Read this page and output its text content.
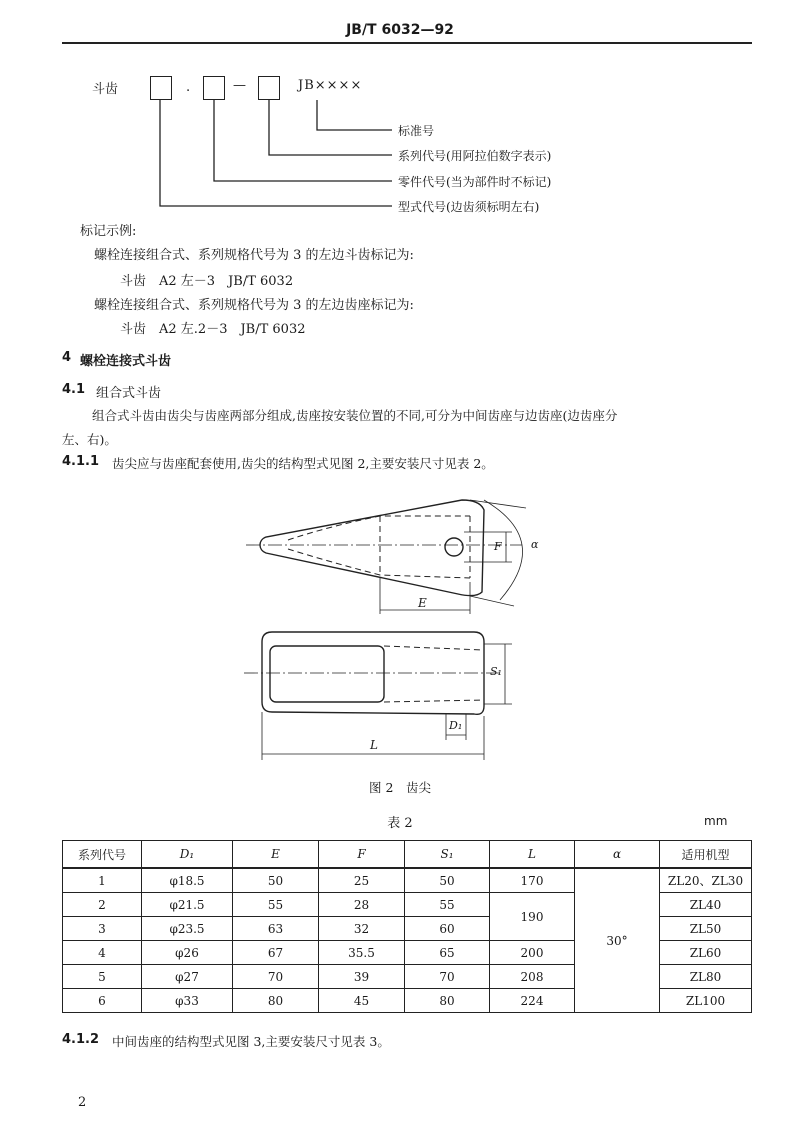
JB/T 6032—92
斗齿	.	—	JB××××
标准号
系列代号(用阿拉伯数字表示)
零件代号(当为部件时不标记)
型式代号(边齿须标明左右)
标记示例:
螺栓连接组合式、系列规格代号为 3 的左边斗齿标记为:
斗齿　A2 左－3　JB/T 6032
螺栓连接组合式、系列规格代号为 3 的左边齿座标记为:
斗齿　A2 左.2－3　JB/T 6032
4 螺栓连接式斗齿
4.1 组合式斗齿
组合式斗齿由齿尖与齿座两部分组成,齿座按安装位置的不同,可分为中间齿座与边齿座(边齿座分
左、右)。
4.1.1 齿尖应与齿座配套使用,齿尖的结构型式见图 2,主要安装尺寸见表 2。
F	α
E
S₁
D₁
L
图 2　齿尖
表 2	mm
系列代号	D₁	E	F	S₁	L	α	适用机型
1	φ18.5	50	25	50	170	30°	ZL20、ZL30
2	φ21.5	55	28	55	190		ZL40
3	φ23.5	63	32	60			ZL50
4	φ26	67	35.5	65	200		ZL60
5	φ27	70	39	70	208		ZL80
6	φ33	80	45	80	224		ZL100
4.1.2 中间齿座的结构型式见图 3,主要安装尺寸见表 3。
2
